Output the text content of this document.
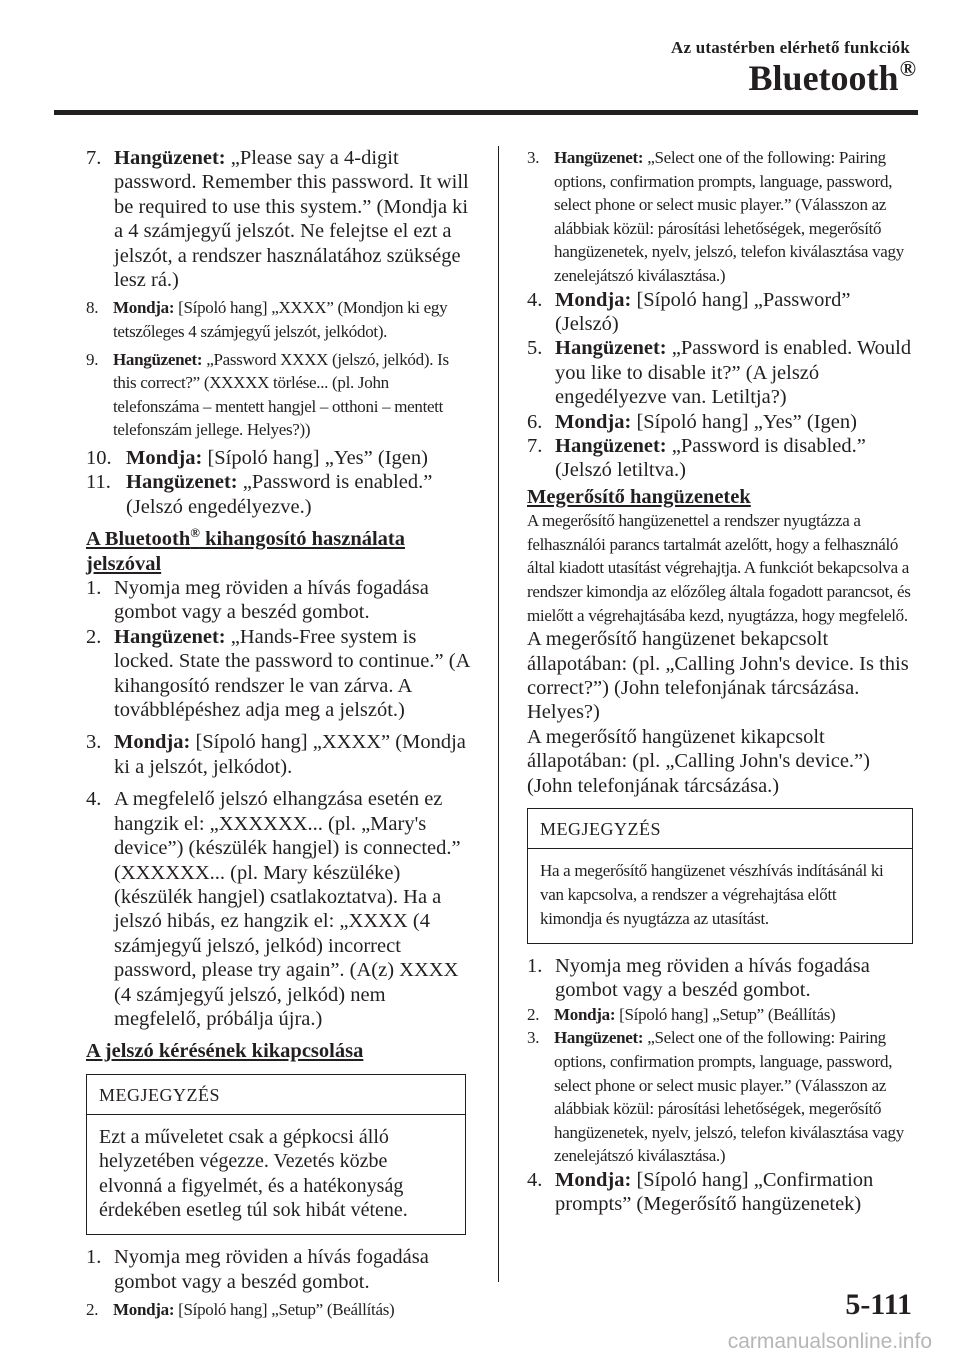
Az utastérben elérhető funkciók
Bluetooth®
7. Hangüzenet: „Please say a 4-digit password. Remember this password. It will be required to use this system.” (Mondja ki a 4 számjegyű jelszót. Ne felejtse el ezt a jelszót, a rendszer használatához szüksége lesz rá.)
8. Mondja: [Sípoló hang] „XXXX” (Mondjon ki egy tetszőleges 4 számjegyű jelszót, jelkódot).
9. Hangüzenet: „Password XXXX (jelszó, jelkód). Is this correct?” (XXXXX törlése... (pl. John telefonszáma – mentett hangjel – otthoni – mentett telefonszám jellege. Helyes?))
10. Mondja: [Sípoló hang] „Yes” (Igen)
11. Hangüzenet: „Password is enabled.” (Jelszó engedélyezve.)
A Bluetooth® kihangosító használata jelszóval
1. Nyomja meg röviden a hívás fogadása gombot vagy a beszéd gombot.
2. Hangüzenet: „Hands-Free system is locked. State the password to continue.” (A kihangosító rendszer le van zárva. A továbblépéshez adja meg a jelszót.)
3. Mondja: [Sípoló hang] „XXXX” (Mondja ki a jelszót, jelkódot).
4. A megfelelő jelszó elhangzása esetén ez hangzik el: „XXXXXX... (pl. „Mary's device”) (készülék hangjel) is connected.” (XXXXXX... (pl. Mary készüléke) (készülék hangjel) csatlakoztatva). Ha a jelszó hibás, ez hangzik el: „XXXX (4 számjegyű jelszó, jelkód) incorrect password, please try again”. (A(z) XXXX (4 számjegyű jelszó, jelkód) nem megfelelő, próbálja újra.)
A jelszó kérésének kikapcsolása
MEGJEGYZÉS
Ezt a műveletet csak a gépkocsi álló helyzetében végezze. Vezetés közbe elvonná a figyelmét, és a hatékonyság érdekében esetleg túl sok hibát vétene.
1. Nyomja meg röviden a hívás fogadása gombot vagy a beszéd gombot.
2. Mondja: [Sípoló hang] „Setup” (Beállítás)
3. Hangüzenet: „Select one of the following: Pairing options, confirmation prompts, language, password, select phone or select music player.” (Válasszon az alábbiak közül: párosítási lehetőségek, megerősítő hangüzenetek, nyelv, jelszó, telefon kiválasztása vagy zenelejátszó kiválasztása.)
4. Mondja: [Sípoló hang] „Password” (Jelszó)
5. Hangüzenet: „Password is enabled. Would you like to disable it?” (A jelszó engedélyezve van. Letiltja?)
6. Mondja: [Sípoló hang] „Yes” (Igen)
7. Hangüzenet: „Password is disabled.” (Jelszó letiltva.)
Megerősítő hangüzenetek
A megerősítő hangüzenettel a rendszer nyugtázza a felhasználói parancs tartalmát azelőtt, hogy a felhasználó által kiadott utasítást végrehajtja. A funkciót bekapcsolva a rendszer kimondja az előzőleg általa fogadott parancsot, és mielőtt a végrehajtásába kezd, nyugtázza, hogy megfelelő.
A megerősítő hangüzenet bekapcsolt állapotában: (pl. „Calling John's device. Is this correct?”) (John telefonjának tárcsázása. Helyes?)
A megerősítő hangüzenet kikapcsolt állapotában: (pl. „Calling John's device.”) (John telefonjának tárcsázása.)
MEGJEGYZÉS
Ha a megerősítő hangüzenet vészhívás indításánál ki van kapcsolva, a rendszer a végrehajtása előtt kimondja és nyugtázza az utasítást.
1. Nyomja meg röviden a hívás fogadása gombot vagy a beszéd gombot.
2. Mondja: [Sípoló hang] „Setup” (Beállítás)
3. Hangüzenet: „Select one of the following: Pairing options, confirmation prompts, language, password, select phone or select music player.” (Válasszon az alábbiak közül: párosítási lehetőségek, megerősítő hangüzenetek, nyelv, jelszó, telefon kiválasztása vagy zenelejátszó kiválasztása.)
4. Mondja: [Sípoló hang] „Confirmation prompts” (Megerősítő hangüzenetek)
5-111
carmanualsonline.info
